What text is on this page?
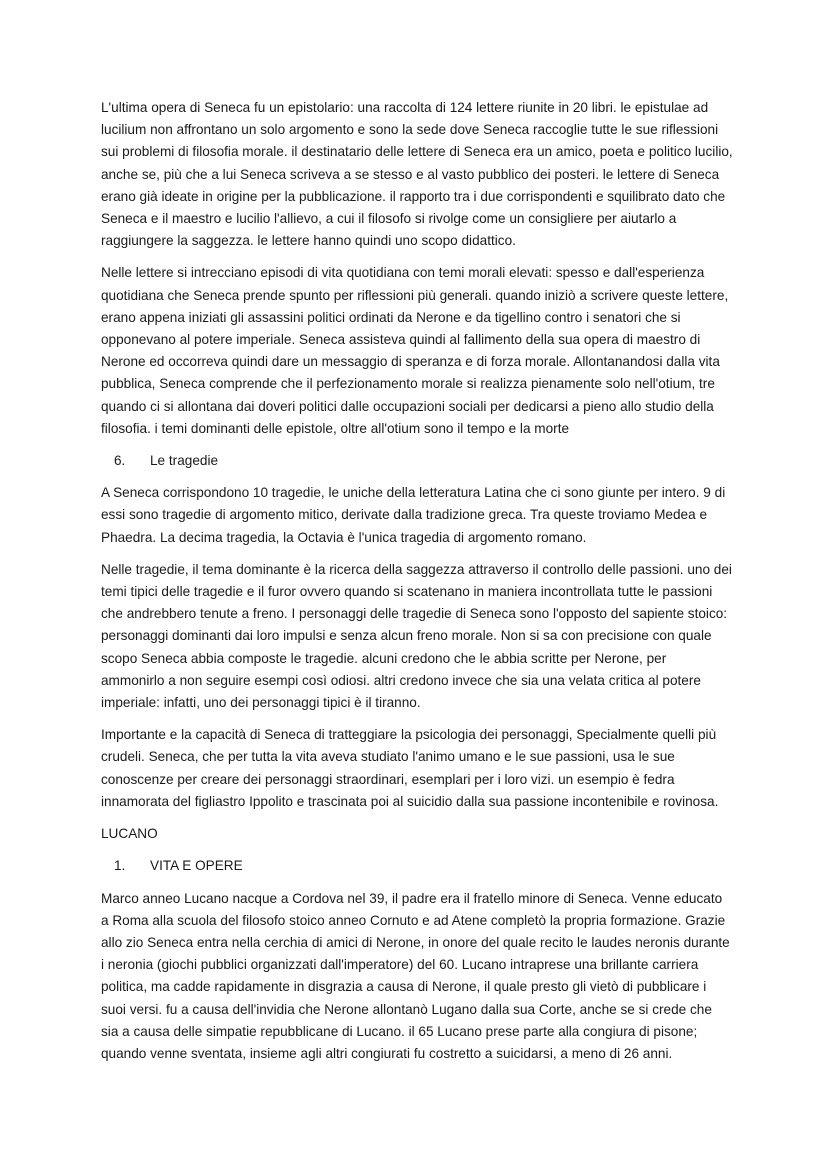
L'ultima opera di Seneca fu un epistolario: una raccolta di 124 lettere riunite in 20 libri. le epistulae ad lucilium non affrontano un solo argomento e sono la sede dove Seneca raccoglie tutte le sue riflessioni sui problemi di filosofia morale. il destinatario delle lettere di Seneca era un amico, poeta e politico lucilio, anche se, più che a lui Seneca scriveva a se stesso e al vasto pubblico dei posteri. le lettere di Seneca erano già ideate in origine per la pubblicazione. il rapporto tra i due corrispondenti e squilibrato dato che Seneca e il maestro e lucilio l'allievo, a cui il filosofo si rivolge come un consigliere per aiutarlo a raggiungere la saggezza. le lettere hanno quindi uno scopo didattico.

Nelle lettere si intrecciano episodi di vita quotidiana con temi morali elevati: spesso e dall'esperienza quotidiana che Seneca prende spunto per riflessioni più generali. quando iniziò a scrivere queste lettere, erano appena iniziati gli assassini politici ordinati da Nerone e da tigellino contro i senatori che si opponevano al potere imperiale. Seneca assisteva quindi al fallimento della sua opera di maestro di Nerone ed occorreva quindi dare un messaggio di speranza e di forza morale. Allontanandosi dalla vita pubblica, Seneca comprende che il perfezionamento morale si realizza pienamente solo nell'otium, tre quando ci si allontana dai doveri politici dalle occupazioni sociali per dedicarsi a pieno allo studio della filosofia. i temi dominanti delle epistole, oltre all'otium sono il tempo e la morte

6.	Le tragedie

A Seneca corrispondono 10 tragedie, le uniche della letteratura Latina che ci sono giunte per intero. 9 di essi sono tragedie di argomento mitico, derivate dalla tradizione greca. Tra queste troviamo Medea e Phaedra. La decima tragedia, la Octavia è l'unica tragedia di argomento romano.

Nelle tragedie, il tema dominante è la ricerca della saggezza attraverso il controllo delle passioni. uno dei temi tipici delle tragedie e il furor ovvero quando si scatenano in maniera incontrollata tutte le passioni che andrebbero tenute a freno. I personaggi delle tragedie di Seneca sono l'opposto del sapiente stoico: personaggi dominanti dai loro impulsi e senza alcun freno morale. Non si sa con precisione con quale scopo Seneca abbia composte le tragedie. alcuni credono che le abbia scritte per Nerone, per ammonirlo a non seguire esempi così odiosi. altri credono invece che sia una velata critica al potere imperiale: infatti, uno dei personaggi tipici è il tiranno.

Importante e la capacità di Seneca di tratteggiare la psicologia dei personaggi, Specialmente quelli più crudeli. Seneca, che per tutta la vita aveva studiato l'animo umano e le sue passioni, usa le sue conoscenze per creare dei personaggi straordinari, esemplari per i loro vizi. un esempio è fedra innamorata del figliastro Ippolito e trascinata poi al suicidio dalla sua passione incontenibile e rovinosa.

LUCANO

1.	VITA E OPERE

Marco anneo Lucano nacque a Cordova nel 39, il padre era il fratello minore di Seneca. Venne educato a Roma alla scuola del filosofo stoico anneo Cornuto e ad Atene completò la propria formazione. Grazie allo zio Seneca entra nella cerchia di amici di Nerone, in onore del quale recito le laudes neronis durante i neronia (giochi pubblici organizzati dall'imperatore) del 60. Lucano intraprese una brillante carriera politica, ma cadde rapidamente in disgrazia a causa di Nerone, il quale presto gli vietò di pubblicare i suoi versi. fu a causa dell'invidia che Nerone allontanò Lugano dalla sua Corte, anche se si crede che sia a causa delle simpatie repubblicane di Lucano. il 65 Lucano prese parte alla congiura di pisone; quando venne sventata, insieme agli altri congiurati fu costretto a suicidarsi, a meno di 26 anni.
